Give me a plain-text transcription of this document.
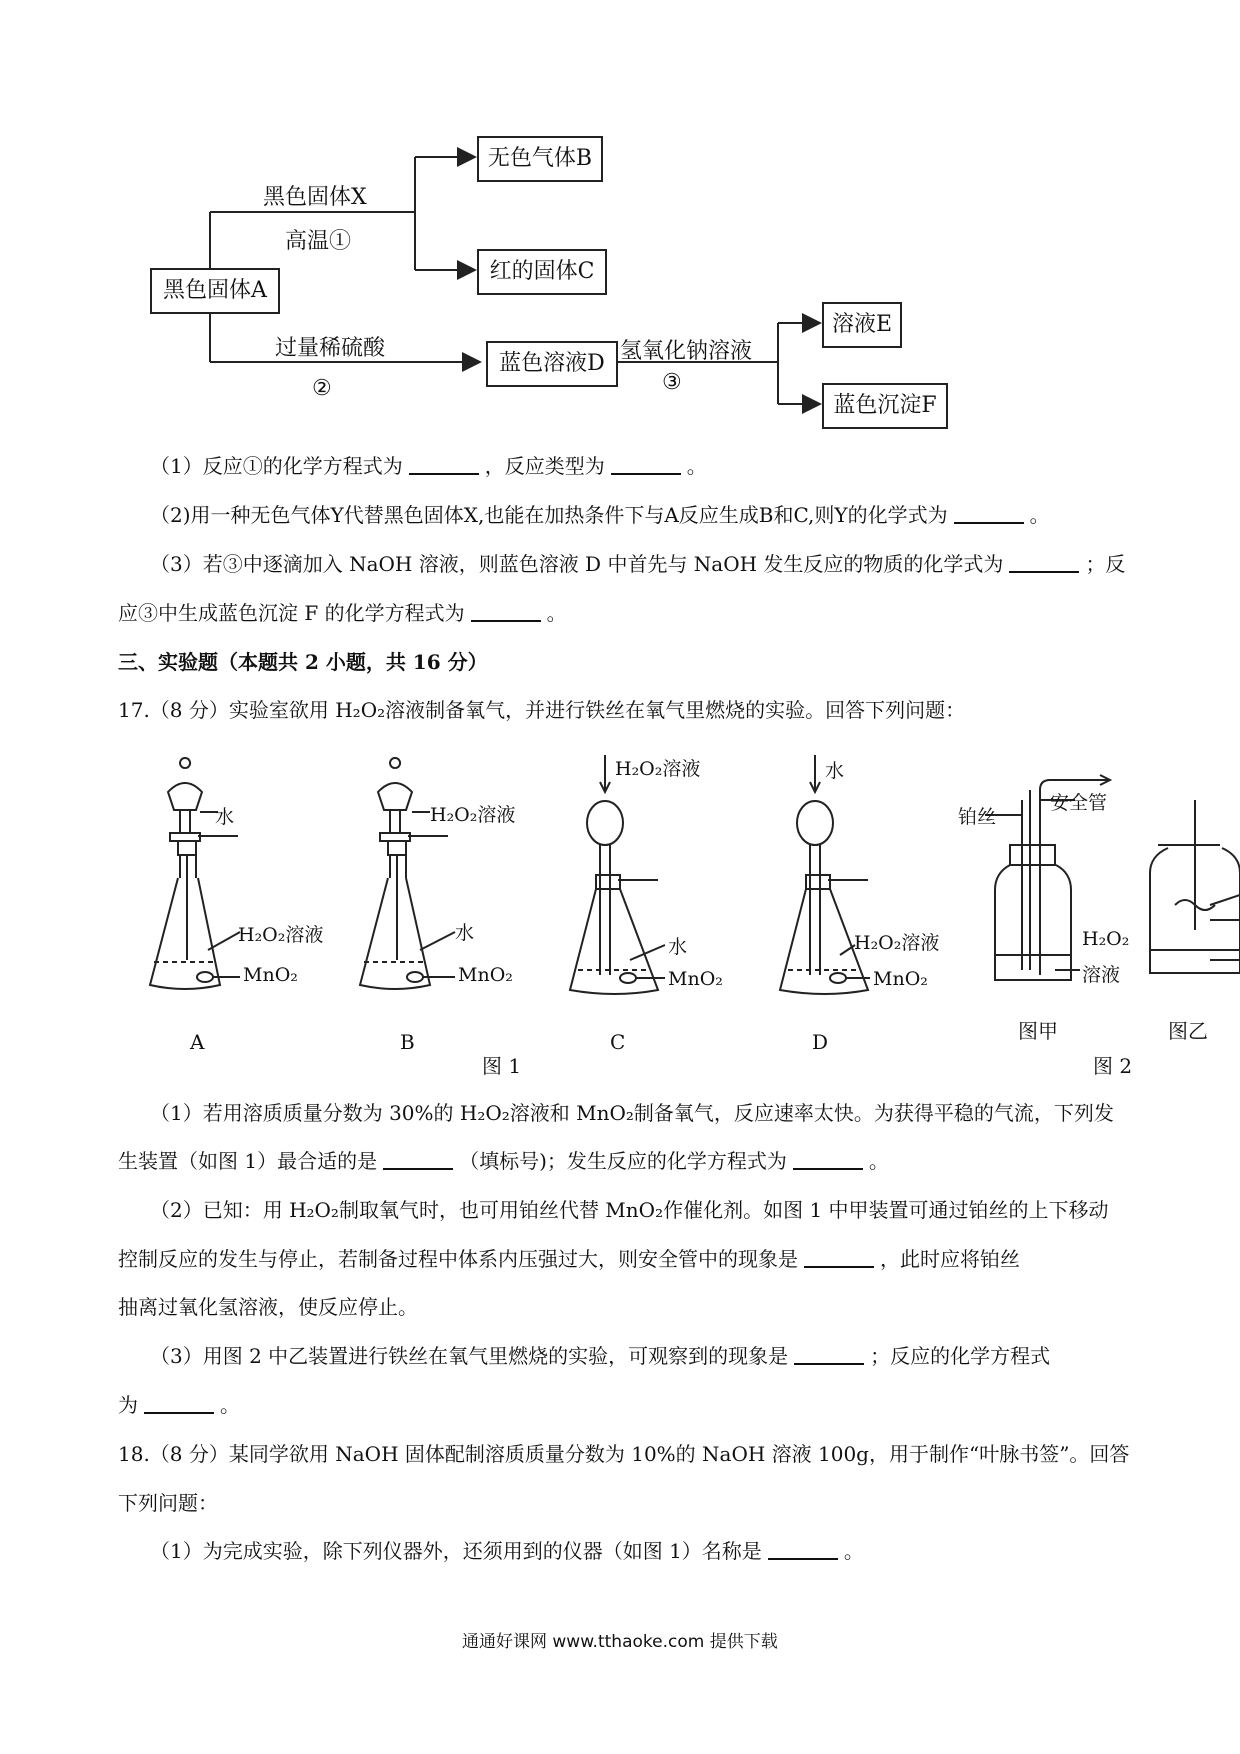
黑色固体A
无色气体B
红的固体C
蓝色溶液D
溶液E
蓝色沉淀F
黑色固体X
高温①
过量稀硫酸
②
氢氧化钠溶液
③
（1）反应①的化学方程式为	，反应类型为	。
（2)用一种无色气体Y代替黑色固体X,也能在加热条件下与A反应生成B和C,则Y的化学式为	。
（3）若③中逐滴加入 NaOH 溶液，则蓝色溶液 D 中首先与 NaOH 发生反应的物质的化学式为	；反
应③中生成蓝色沉淀 F 的化学方程式为	。
三、实验题（本题共 2 小题，共 16 分）
17.（8 分）实验室欲用 H₂O₂溶液制备氧气，并进行铁丝在氧气里燃烧的实验。回答下列问题：
水
H₂O₂溶液
MnO₂
H₂O₂溶液
水
MnO₂
H₂O₂溶液
水
MnO₂
水
H₂O₂溶液
MnO₂
铂丝
安全管
H₂O₂
溶液
A	B	C	D
图 1
图甲	图乙
图 2
（1）若用溶质质量分数为 30%的 H₂O₂溶液和 MnO₂制备氧气，反应速率太快。为获得平稳的气流，下列发
生装置（如图 1）最合适的是	（填标号)；发生反应的化学方程式为	。
（2）已知：用 H₂O₂制取氧气时，也可用铂丝代替 MnO₂作催化剂。如图 1 中甲装置可通过铂丝的上下移动
控制反应的发生与停止，若制备过程中体系内压强过大，则安全管中的现象是	，此时应将铂丝
抽离过氧化氢溶液，使反应停止。
（3）用图 2 中乙装置进行铁丝在氧气里燃烧的实验，可观察到的现象是	；反应的化学方程式
为	。
18.（8 分）某同学欲用 NaOH 固体配制溶质质量分数为 10%的 NaOH 溶液 100g，用于制作“叶脉书签”。回答
下列问题：
（1）为完成实验，除下列仪器外，还须用到的仪器（如图 1）名称是	。
通通好课网 www.tthaoke.com 提供下载
